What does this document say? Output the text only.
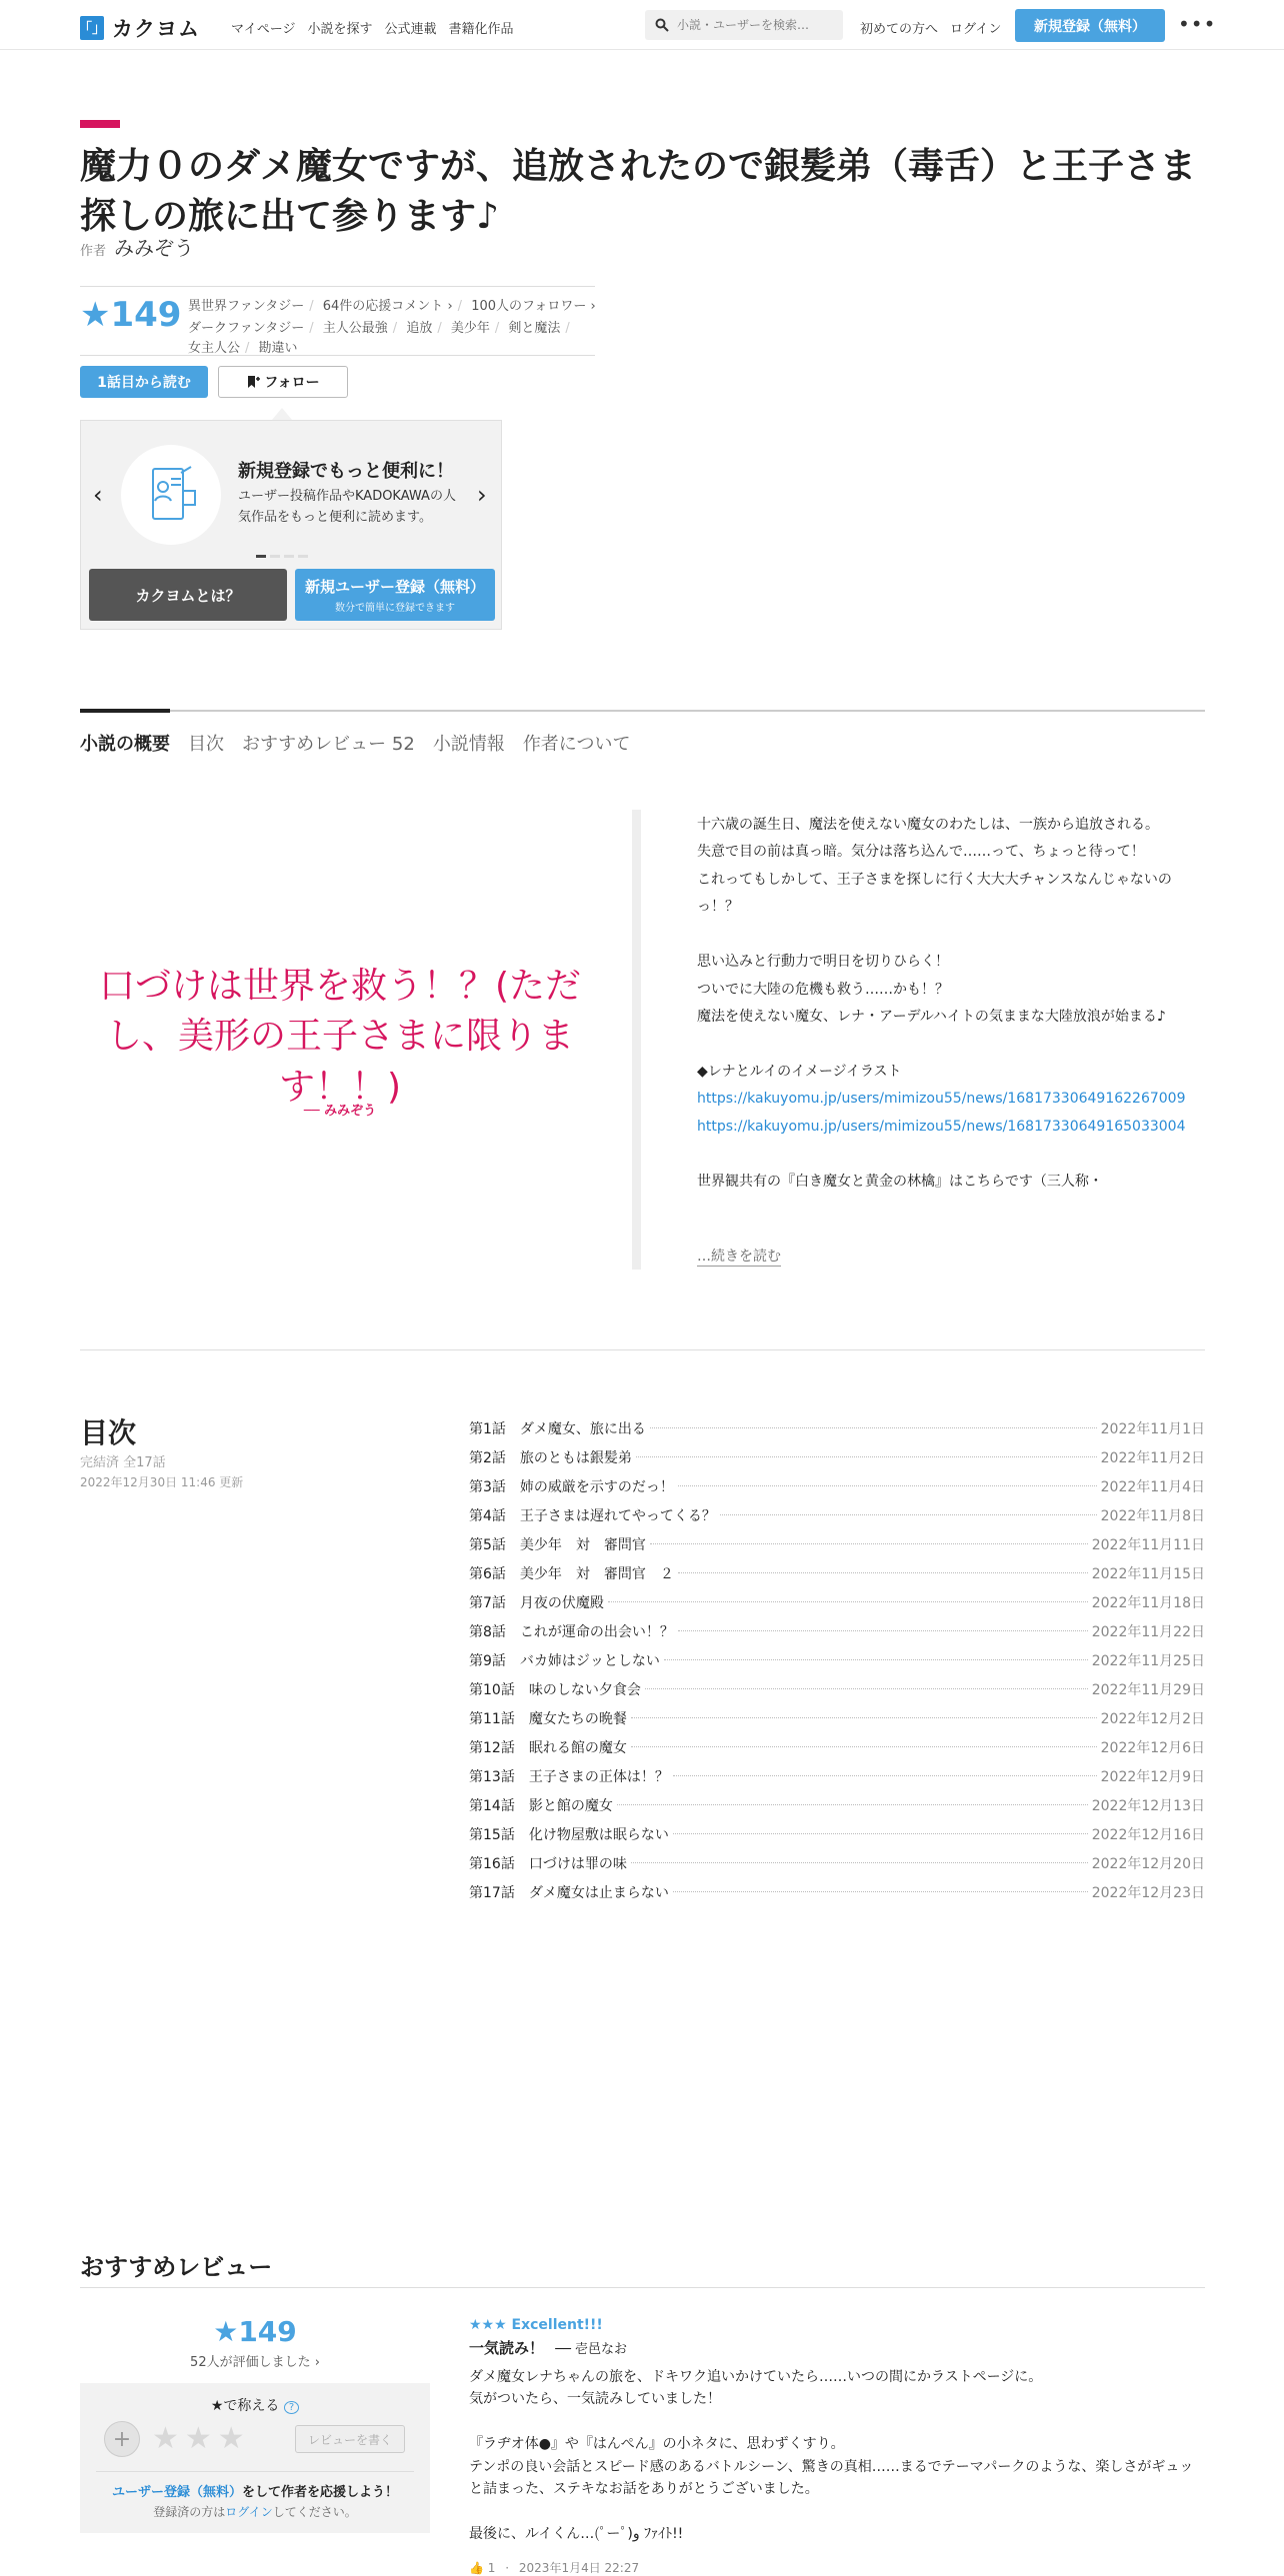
「」 カクヨム マイページ 小説を探す 公式連載 書籍化作品
小説・ユーザーを検索…	初めての方へ ログイン	新規登録（無料）	•••
魔力０のダメ魔女ですが、追放されたので銀髪弟（毒舌）と王子さま探しの旅に出て参ります♪
作者 みみぞう
★149 異世界ファンタジー / 64件の応援コメント › / 100人のフォロワー ›
ダークファンタジー / 主人公最強 / 追放 / 美少年 / 剣と魔法 /
女主人公 / 勘違い
1話目から読む	フォロー
‹
新規登録でもっと便利に！
ユーザー投稿作品やKADOKAWAの人気作品をもっと便利に読めます。
›
カクヨムとは？	新規ユーザー登録（無料）
数分で簡単に登録できます
小説の概要 目次 おすすめレビュー 52 小説情報 作者について
口づけは世界を救う！？(ただし、美形の王子さまに限ります！！)
── みみぞう
十六歳の誕生日、魔法を使えない魔女のわたしは、一族から追放される。
失意で目の前は真っ暗。気分は落ち込んで……って、ちょっと待って！
これってもしかして、王子さまを探しに行く大大大チャンスなんじゃないのっ！？

思い込みと行動力で明日を切りひらく！
ついでに大陸の危機も救う……かも！？
魔法を使えない魔女、レナ・アーデルハイトの気ままな大陸放浪が始まる♪

◆レナとルイのイメージイラスト
https://kakuyomu.jp/users/mimizou55/news/16817330649162267009
https://kakuyomu.jp/users/mimizou55/news/16817330649165033004

世界観共有の『白き魔女と黄金の林檎』はこちらです（三人称・
…続きを読む
目次
完結済 全17話
2022年12月30日 11:46 更新
第1話　ダメ魔女、旅に出る	2022年11月1日
第2話　旅のともは銀髪弟	2022年11月2日
第3話　姉の威厳を示すのだっ！	2022年11月4日
第4話　王子さまは遅れてやってくる？	2022年11月8日
第5話　美少年　対　審問官	2022年11月11日
第6話　美少年　対　審問官　２	2022年11月15日
第7話　月夜の伏魔殿	2022年11月18日
第8話　これが運命の出会い！？	2022年11月22日
第9話　バカ姉はジッとしない	2022年11月25日
第10話　味のしない夕食会	2022年11月29日
第11話　魔女たちの晩餐	2022年12月2日
第12話　眠れる館の魔女	2022年12月6日
第13話　王子さまの正体は！？	2022年12月9日
第14話　影と館の魔女	2022年12月13日
第15話　化け物屋敷は眠らない	2022年12月16日
第16話　口づけは罪の味	2022年12月20日
第17話　ダメ魔女は止まらない	2022年12月23日
おすすめレビュー
★149
52人が評価しました ›
★で称える ?
+ ★★★	レビューを書く
ユーザー登録（無料）をして作者を応援しよう！
登録済の方はログインしてください。
★★★ Excellent!!!
一気読み！ ── 壱邑なお
ダメ魔女レナちゃんの旅を、ドキワク追いかけていたら……いつの間にかラストページに。
気がついたら、一気読みしていました！

『ラヂオ体●』や『はんぺん』の小ネタに、思わずくすり。
テンポの良い会話とスピード感のあるバトルシーン、驚きの真相……まるでテーマパークのような、楽しさがギュッと詰まった、ステキなお話をありがとうございました。

最後に、ルイくん…(ﾟーﾟ)و ﾌｧｲﾄ!!
👍 1 · 2023年1月4日 22:27
